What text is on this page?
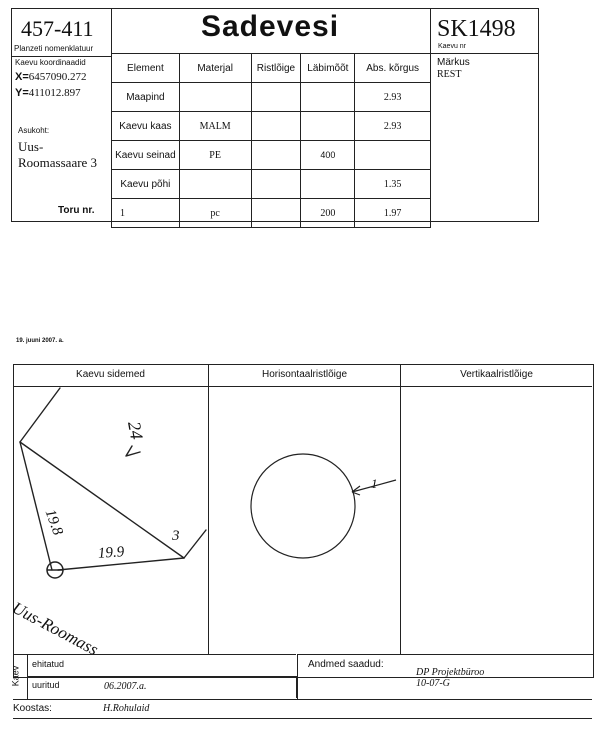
457-411
Planzeti nomenklatuur
Sadevesi	SK1498
Kaevu nr
Kaevu koordinaadid
X=6457090.272
Y=411012.897
Asukoht:
Uus-
Roomassaare 3
Toru nr.
Element	Materjal	Ristlõige	Läbimõõt	Abs. kõrgus
Maapind				2.93
Kaevu kaas	MALM			2.93
Kaevu seinad	PE		400	
Kaevu põhi				1.35
1	pc		200	1.97
Märkus
REST
19. juuni 2007. a.
Kaevu sidemed	Horisontaalristlõige	Vertikaalristlõige
24
19.8
19.9
3
Uus-Roomass
1
Kaev
ehitatud
uuritud	06.2007.a.
Andmed saadud:
DP Projektbüroo
10-07-G
Koostas:	H.Rohulaid
